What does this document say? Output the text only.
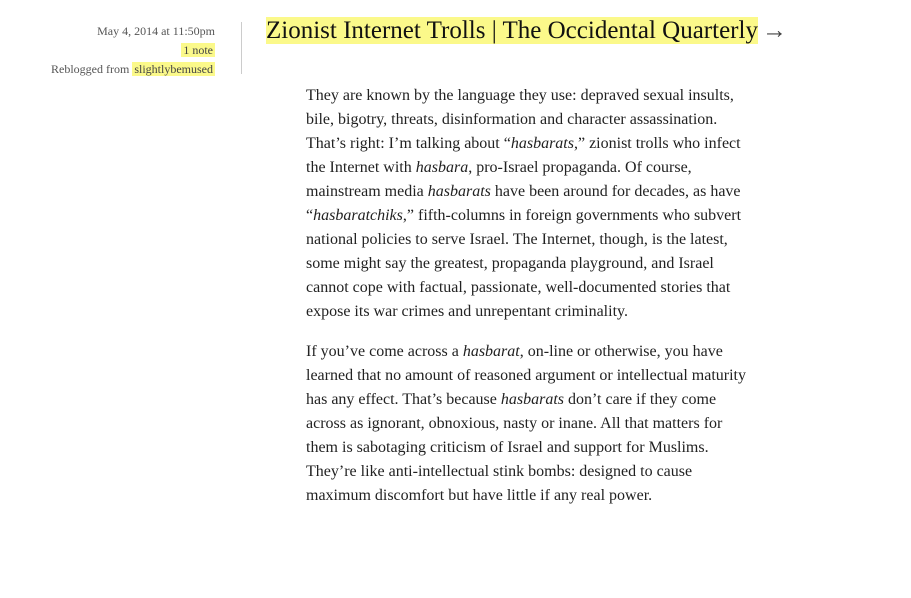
May 4, 2014 at 11:50pm
1 note
Reblogged from slightlybemused
Zionist Internet Trolls | The Occidental Quarterly →

They are known by the language they use: depraved sexual insults, bile, bigotry, threats, disinformation and character assassination. That’s right: I’m talking about “hasbarats,” zionist trolls who infect the Internet with hasbara, pro-Israel propaganda. Of course, mainstream media hasbarats have been around for decades, as have “hasbaratchiks,” fifth-columns in foreign governments who subvert national policies to serve Israel. The Internet, though, is the latest, some might say the greatest, propaganda playground, and Israel cannot cope with factual, passionate, well-documented stories that expose its war crimes and unrepentant criminality.

If you’ve come across a hasbarat, on-line or otherwise, you have learned that no amount of reasoned argument or intellectual maturity has any effect. That’s because hasbarats don’t care if they come across as ignorant, obnoxious, nasty or inane. All that matters for them is sabotaging criticism of Israel and support for Muslims. They’re like anti-intellectual stink bombs: designed to cause maximum discomfort but have little if any real power.
